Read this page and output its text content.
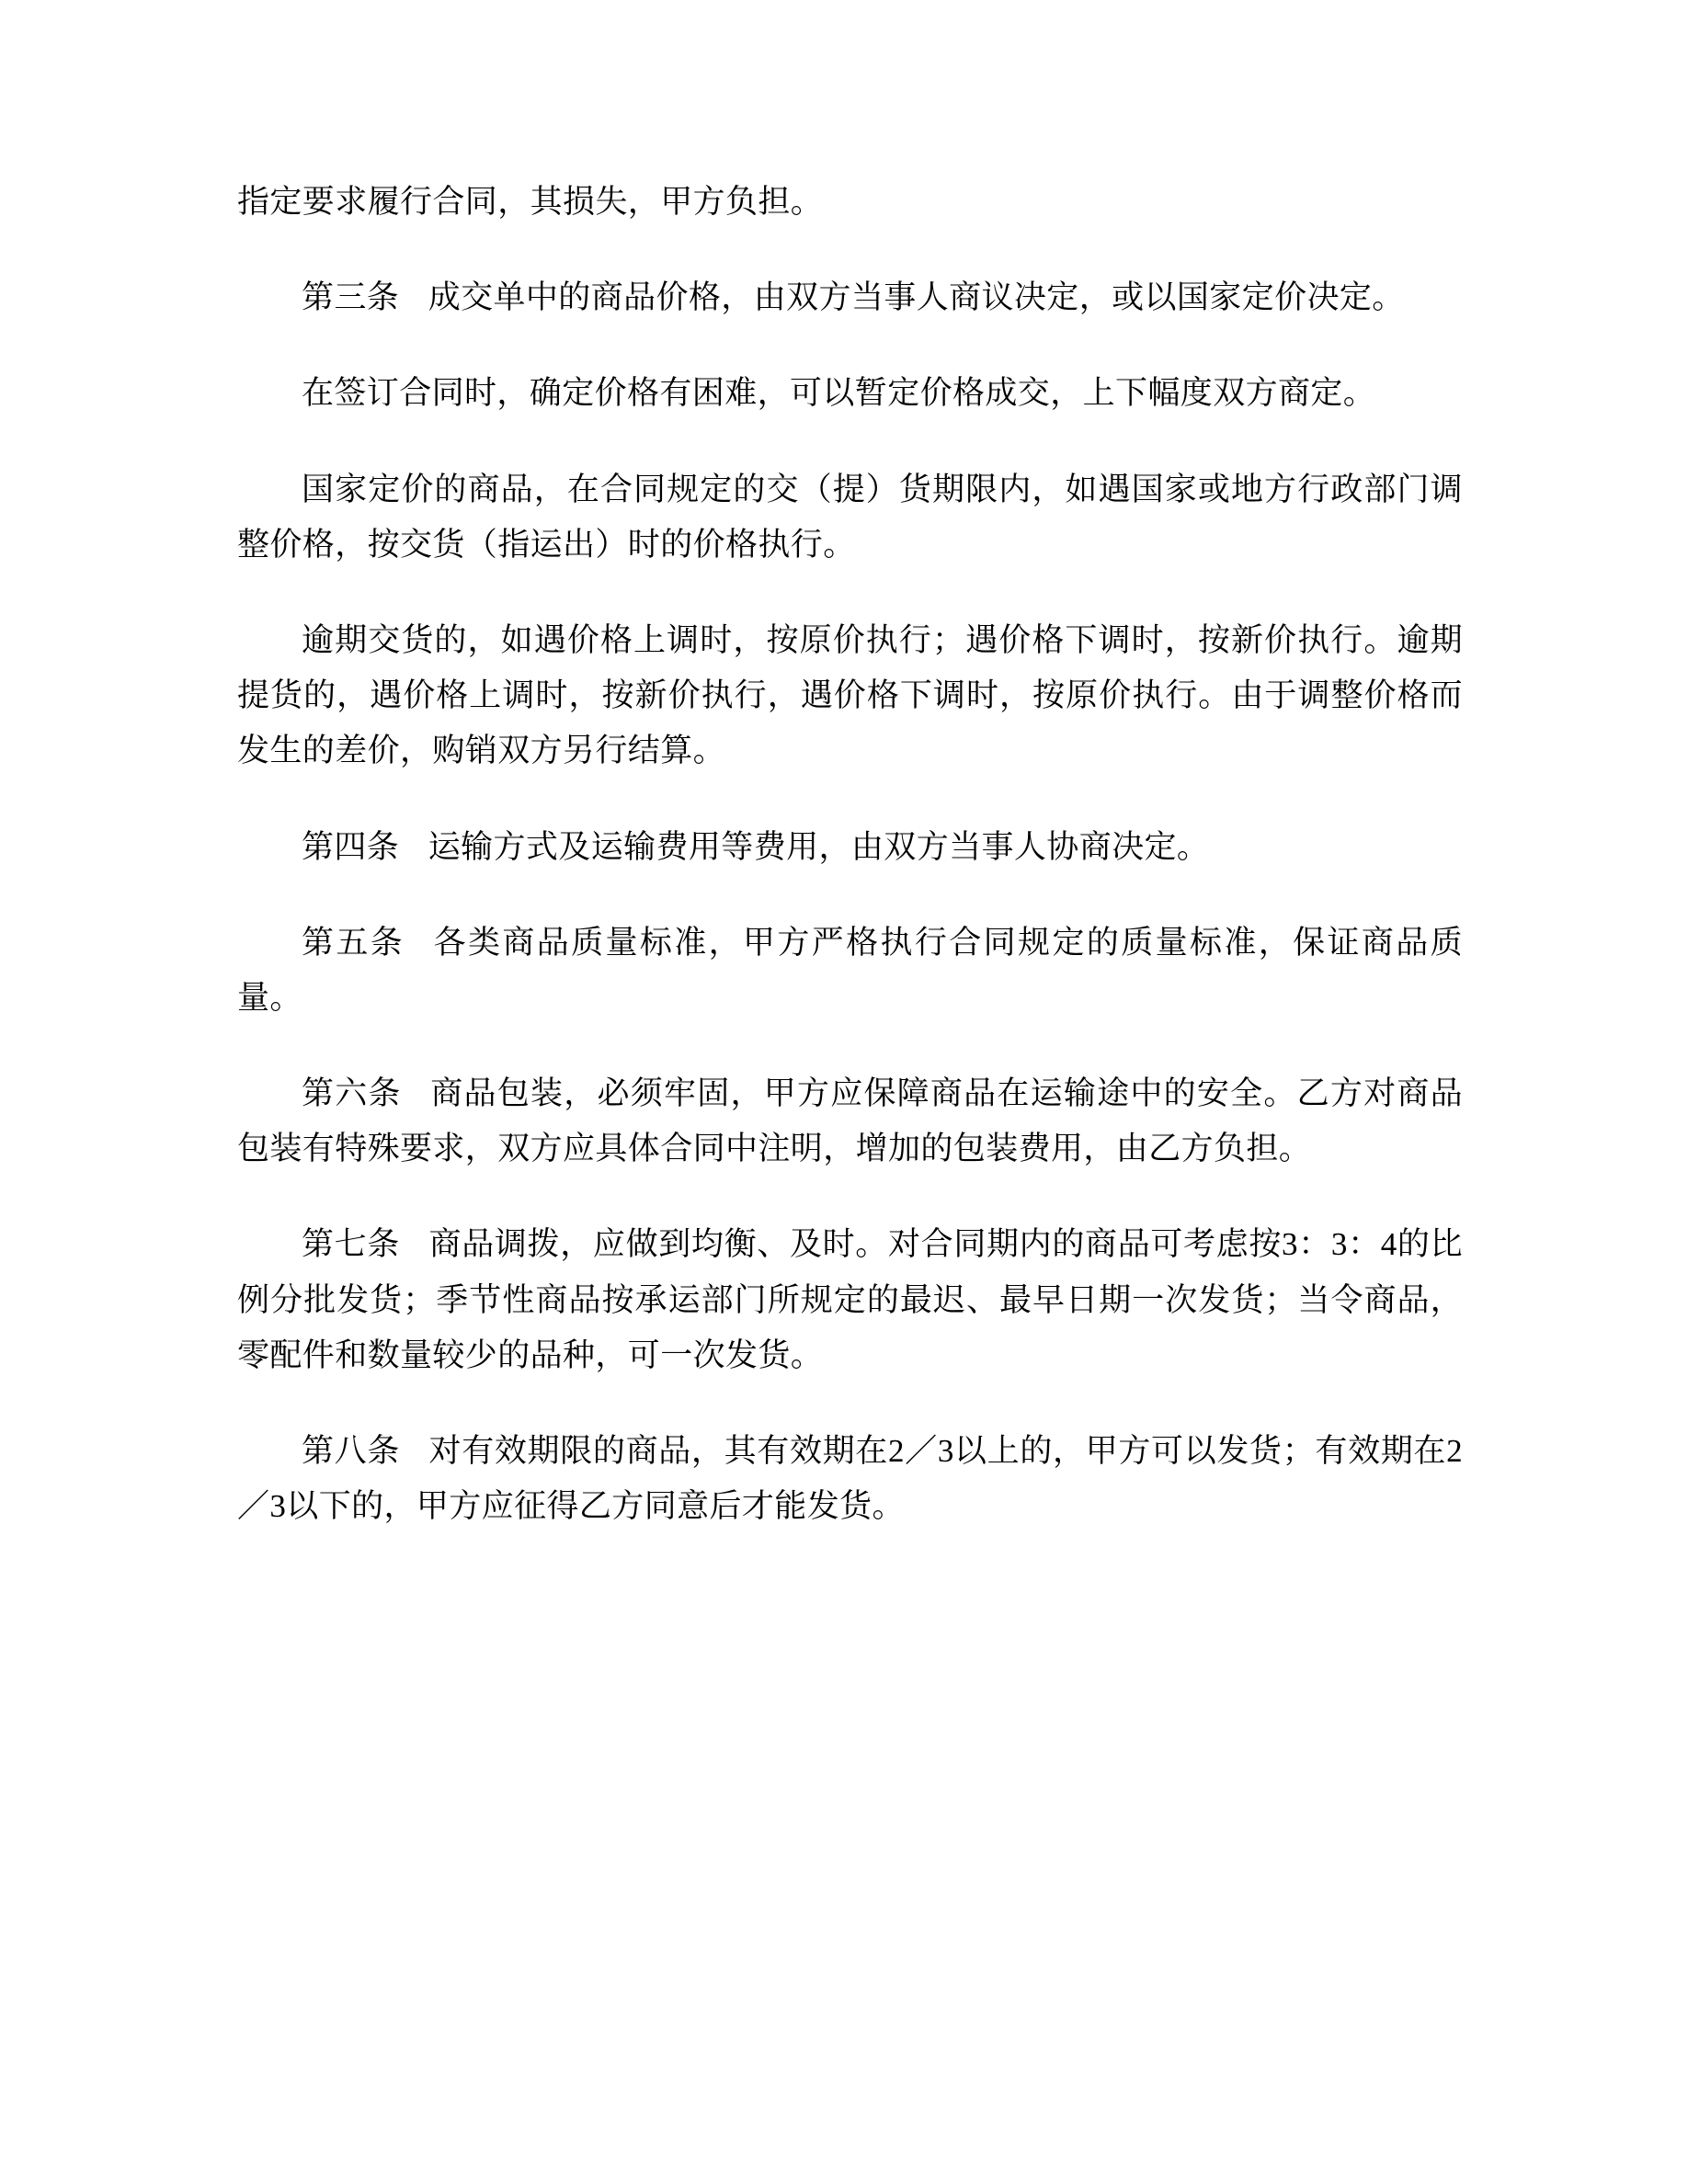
指定要求履行合同，其损失，甲方负担。

第三条 成交单中的商品价格，由双方当事人商议决定，或以国家定价决定。

在签订合同时，确定价格有困难，可以暂定价格成交，上下幅度双方商定。

国家定价的商品，在合同规定的交（提）货期限内，如遇国家或地方行政部门调整价格，按交货（指运出）时的价格执行。

逾期交货的，如遇价格上调时，按原价执行；遇价格下调时，按新价执行。逾期提货的，遇价格上调时，按新价执行，遇价格下调时，按原价执行。由于调整价格而发生的差价，购销双方另行结算。

第四条 运输方式及运输费用等费用，由双方当事人协商决定。

第五条 各类商品质量标准，甲方严格执行合同规定的质量标准，保证商品质量。

第六条 商品包装，必须牢固，甲方应保障商品在运输途中的安全。乙方对商品包装有特殊要求，双方应具体合同中注明，增加的包装费用，由乙方负担。

第七条 商品调拨，应做到均衡、及时。对合同期内的商品可考虑按3：3：4的比例分批发货；季节性商品按承运部门所规定的最迟、最早日期一次发货；当令商品，零配件和数量较少的品种，可一次发货。

第八条 对有效期限的商品，其有效期在2／3以上的，甲方可以发货；有效期在2／3以下的，甲方应征得乙方同意后才能发货。
